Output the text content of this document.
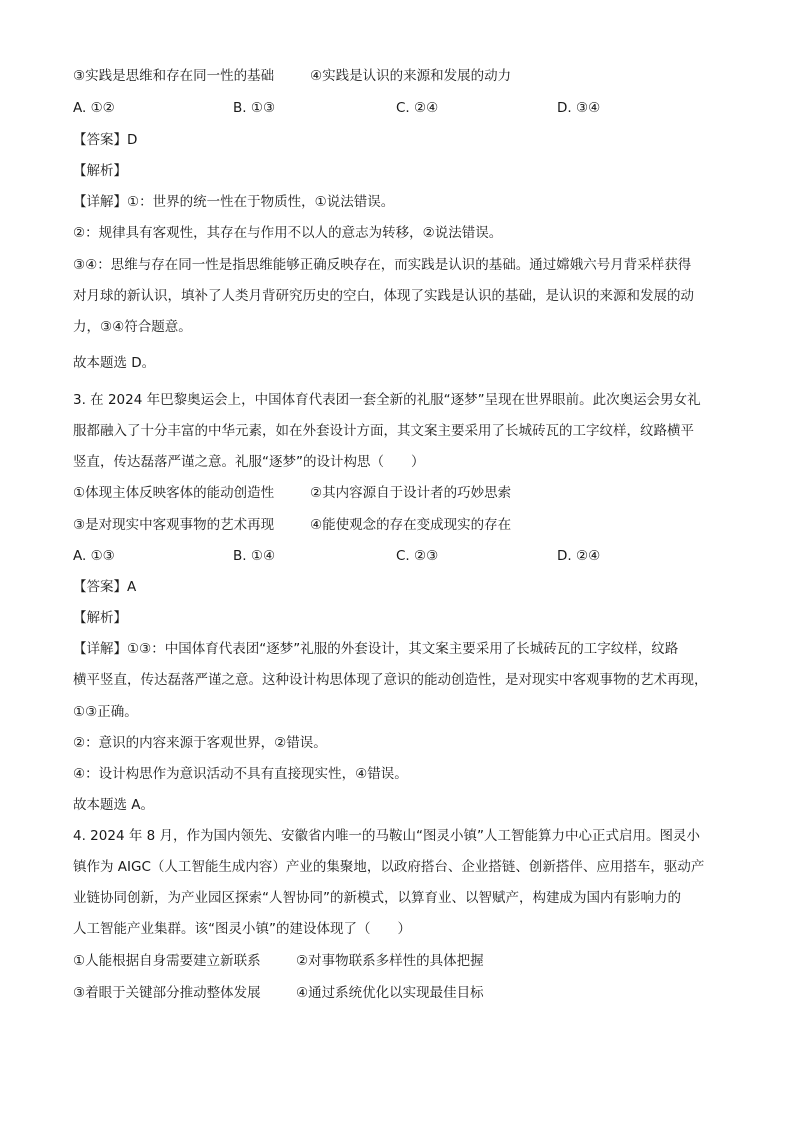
③实践是思维和存在同一性的基础	④实践是认识的来源和发展的动力
A. ①②	B. ①③	C. ②④	D. ③④
【答案】D
【解析】
【详解】①：世界的统一性在于物质性，①说法错误。
②：规律具有客观性，其存在与作用不以人的意志为转移，②说法错误。
③④：思维与存在同一性是指思维能够正确反映存在，而实践是认识的基础。通过嫦娥六号月背采样获得
对月球的新认识，填补了人类月背研究历史的空白，体现了实践是认识的基础，是认识的来源和发展的动
力，③④符合题意。
故本题选 D。
3. 在 2024 年巴黎奥运会上，中国体育代表团一套全新的礼服“逐梦”呈现在世界眼前。此次奥运会男女礼
服都融入了十分丰富的中华元素，如在外套设计方面，其文案主要采用了长城砖瓦的工字纹样，纹路横平
竖直，传达磊落严谨之意。礼服“逐梦”的设计构思（　　）
①体现主体反映客体的能动创造性	②其内容源自于设计者的巧妙思索
③是对现实中客观事物的艺术再现	④能使观念的存在变成现实的存在
A. ①③	B. ①④	C. ②③	D. ②④
【答案】A
【解析】
【详解】①③：中国体育代表团“逐梦”礼服的外套设计，其文案主要采用了长城砖瓦的工字纹样，纹路
横平竖直，传达磊落严谨之意。这种设计构思体现了意识的能动创造性，是对现实中客观事物的艺术再现，
①③正确。
②：意识的内容来源于客观世界，②错误。
④：设计构思作为意识活动不具有直接现实性，④错误。
故本题选 A。
4. 2024 年 8 月，作为国内领先、安徽省内唯一的马鞍山“图灵小镇”人工智能算力中心正式启用。图灵小
镇作为 AIGC（人工智能生成内容）产业的集聚地，以政府搭台、企业搭链、创新搭伴、应用搭车，驱动产
业链协同创新，为产业园区探索“人智协同”的新模式，以算育业、以智赋产，构建成为国内有影响力的
人工智能产业集群。该“图灵小镇”的建设体现了（　　）
①人能根据自身需要建立新联系	②对事物联系多样性的具体把握
③着眼于关键部分推动整体发展	④通过系统优化以实现最佳目标
